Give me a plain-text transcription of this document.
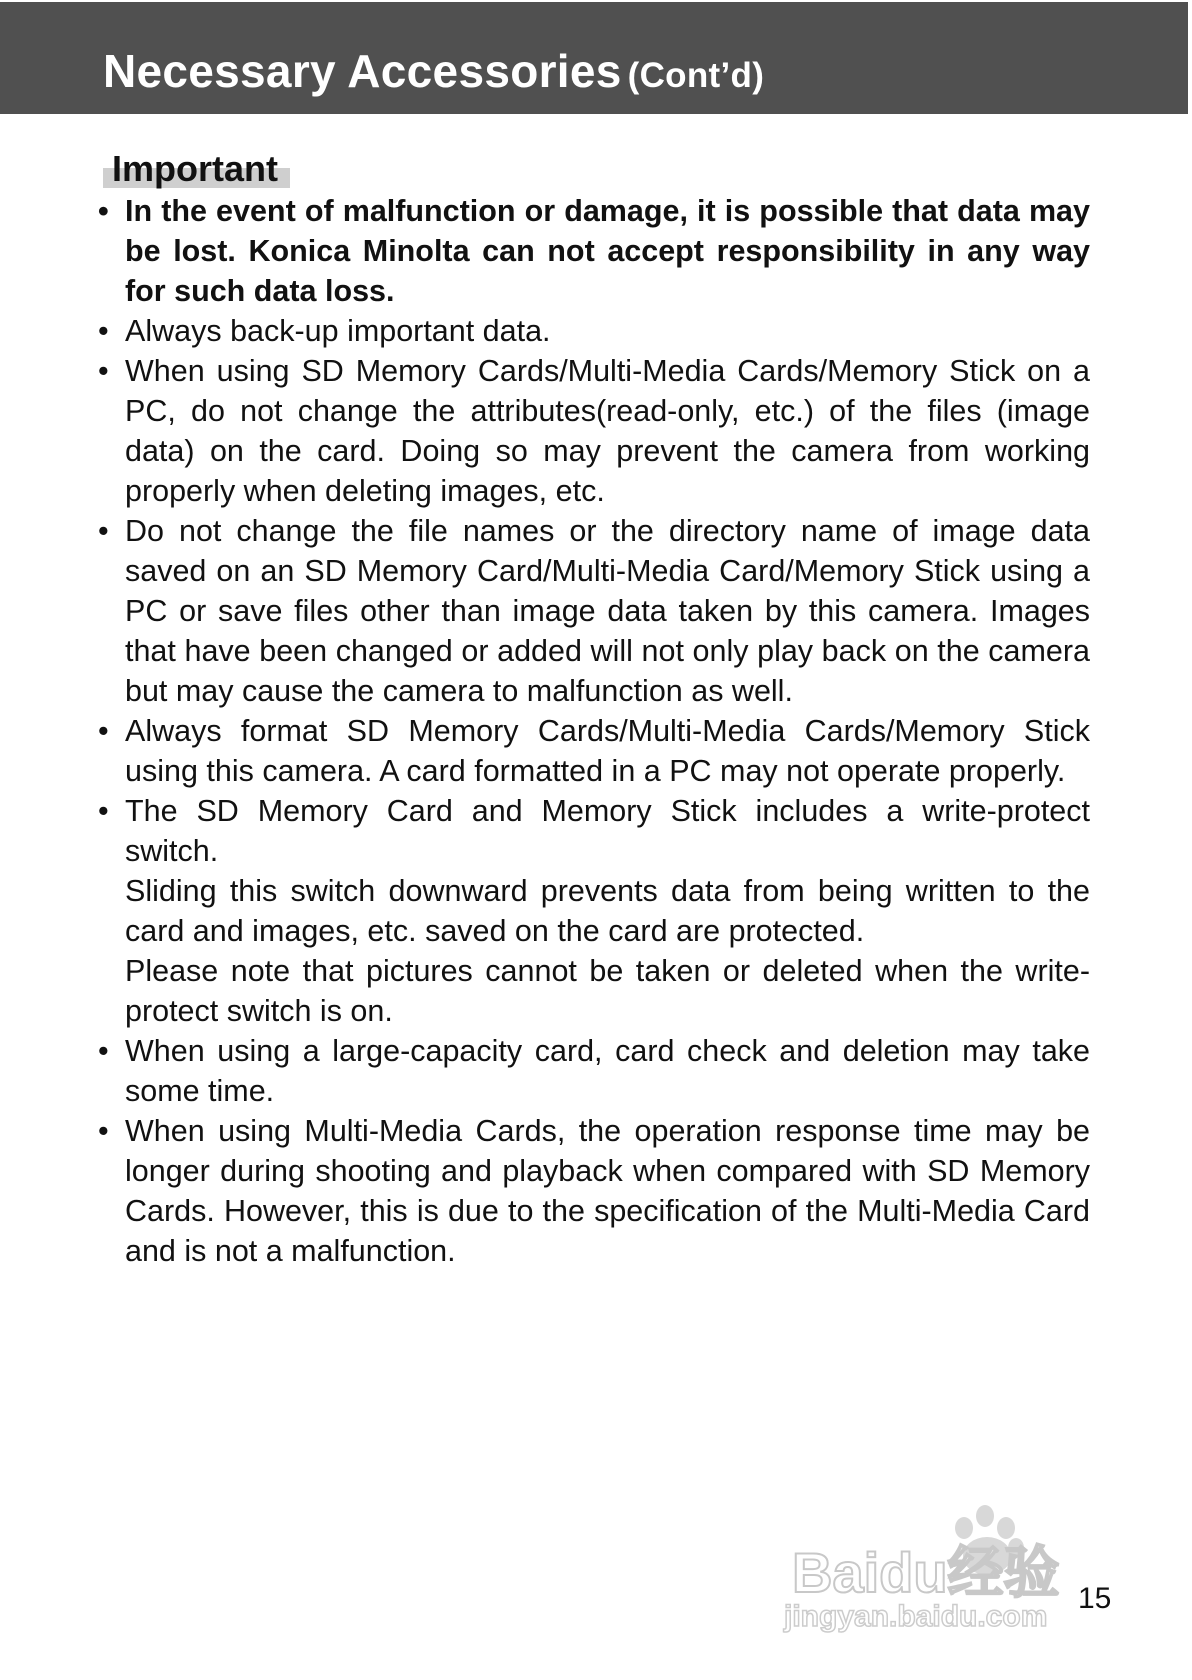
Necessary Accessories (Cont’d)
Important
• In the event of malfunction or damage, it is possible that data may be lost. Konica Minolta can not accept responsibility in any way for such data loss.
• Always back-up important data.
• When using SD Memory Cards/Multi-Media Cards/Memory Stick on a PC, do not change the attributes(read-only, etc.) of the files (image data) on the card. Doing so may prevent the camera from working properly when deleting images, etc.
• Do not change the file names or the directory name of image data saved on an SD Memory Card/Multi-Media Card/Memory Stick using a PC or save files other than image data taken by this camera. Images that have been changed or added will not only play back on the camera but may cause the camera to malfunction as well.
• Always format SD Memory Cards/Multi-Media Cards/Memory Stick using this camera. A card formatted in a PC may not operate properly.
• The SD Memory Card and Memory Stick includes a write-protect switch.
Sliding this switch downward prevents data from being written to the card and images, etc. saved on the card are protected.
Please note that pictures cannot be taken or deleted when the write-protect switch is on.
• When using a large-capacity card, card check and deletion may take some time.
• When using Multi-Media Cards, the operation response time may be longer during shooting and playback when compared with SD Memory Cards. However, this is due to the specification of the Multi-Media Card and is not a malfunction.
Baidu经验
jingyan.baidu.com
15
